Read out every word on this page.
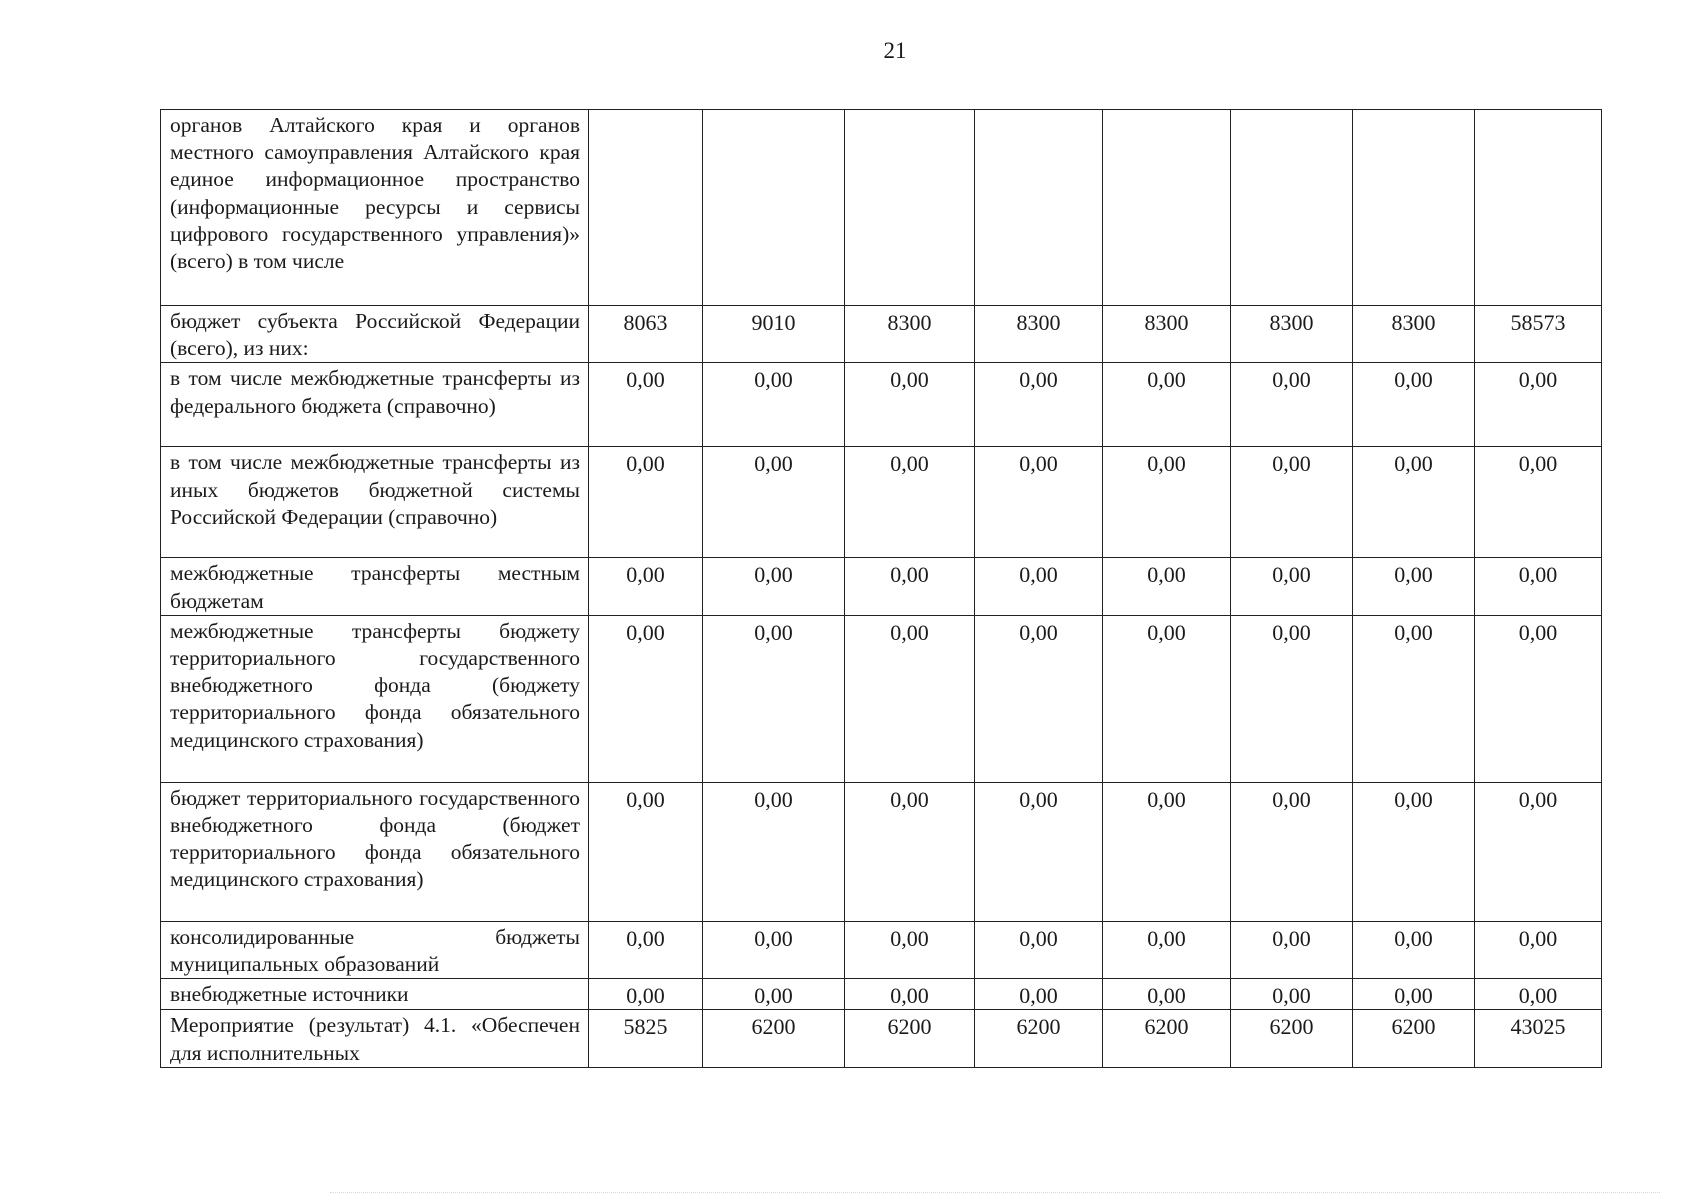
21
органов Алтайского края и органов местного самоуправления Алтайского края единое информационное пространство (информационные ресурсы и сервисы цифрового государственного управления)» (всего) в том числе								
бюджет субъекта Российской Федерации (всего), из них:	8063	9010	8300	8300	8300	8300	8300	58573
в том числе межбюджетные трансферты из федерального бюджета (справочно)	0,00	0,00	0,00	0,00	0,00	0,00	0,00	0,00
в том числе межбюджетные трансферты из иных бюджетов бюджетной системы Российской Федерации (справочно)	0,00	0,00	0,00	0,00	0,00	0,00	0,00	0,00
межбюджетные трансферты местным бюджетам	0,00	0,00	0,00	0,00	0,00	0,00	0,00	0,00
межбюджетные трансферты бюджету территориального государственного внебюджетного фонда (бюджету территориального фонда обязательного медицинского страхования)	0,00	0,00	0,00	0,00	0,00	0,00	0,00	0,00
бюджет территориального государственного внебюджетного фонда (бюджет территориального фонда обязательного медицинского страхования)	0,00	0,00	0,00	0,00	0,00	0,00	0,00	0,00
консолидированные бюджеты муниципальных образований	0,00	0,00	0,00	0,00	0,00	0,00	0,00	0,00
внебюджетные источники	0,00	0,00	0,00	0,00	0,00	0,00	0,00	0,00
Мероприятие (результат) 4.1. «Обеспечен для исполнительных	5825	6200	6200	6200	6200	6200	6200	43025
